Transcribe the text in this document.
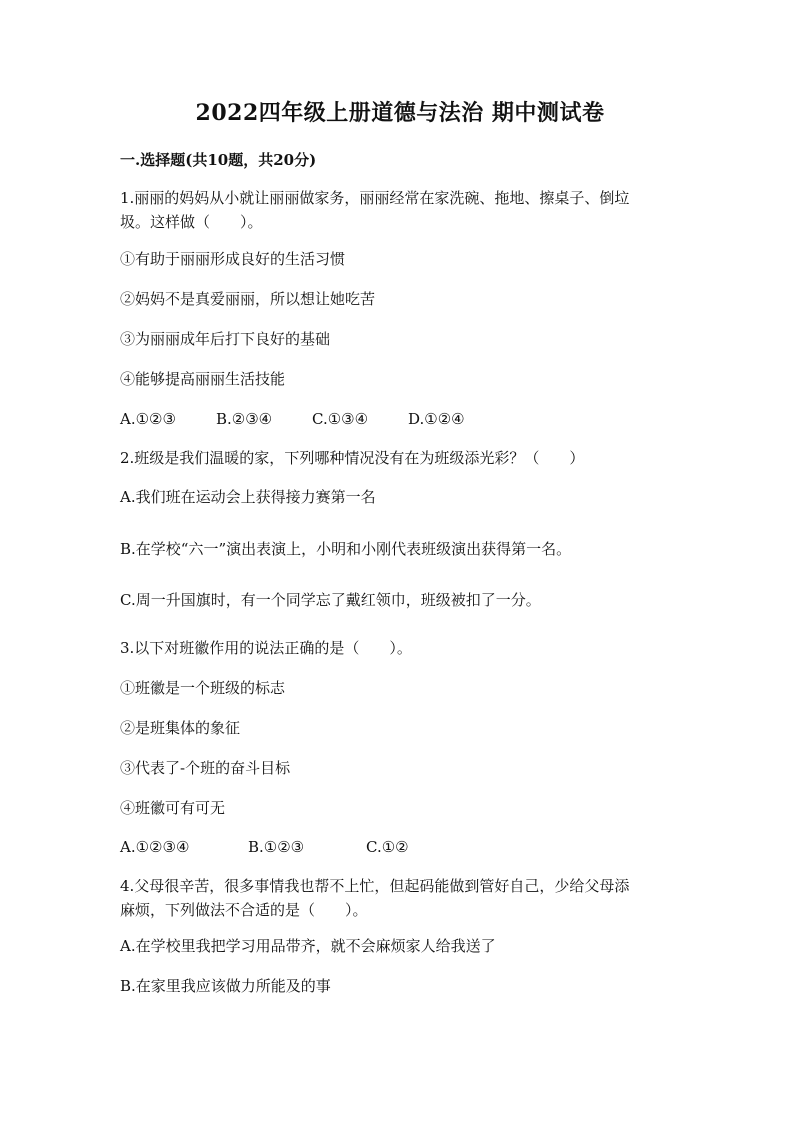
2022四年级上册道德与法治 期中测试卷
一.选择题(共10题，共20分)
1.丽丽的妈妈从小就让丽丽做家务，丽丽经常在家洗碗、拖地、擦桌子、倒垃
圾。这样做（　　）。
①有助于丽丽形成良好的生活习惯
②妈妈不是真爱丽丽，所以想让她吃苦
③为丽丽成年后打下良好的基础
④能够提高丽丽生活技能
A.①②③	B.②③④	C.①③④	D.①②④
2.班级是我们温暖的家，下列哪种情况没有在为班级添光彩？（　　）
A.我们班在运动会上获得接力赛第一名
B.在学校“六一”演出表演上，小明和小刚代表班级演出获得第一名。
C.周一升国旗时，有一个同学忘了戴红领巾，班级被扣了一分。
3.以下对班徽作用的说法正确的是（　　）。
①班徽是一个班级的标志
②是班集体的象征
③代表了-个班的奋斗目标
④班徽可有可无
A.①②③④	B.①②③	C.①②
4.父母很辛苦，很多事情我也帮不上忙，但起码能做到管好自己，少给父母添
麻烦，下列做法不合适的是（　　）。
A.在学校里我把学习用品带齐，就不会麻烦家人给我送了
B.在家里我应该做力所能及的事
